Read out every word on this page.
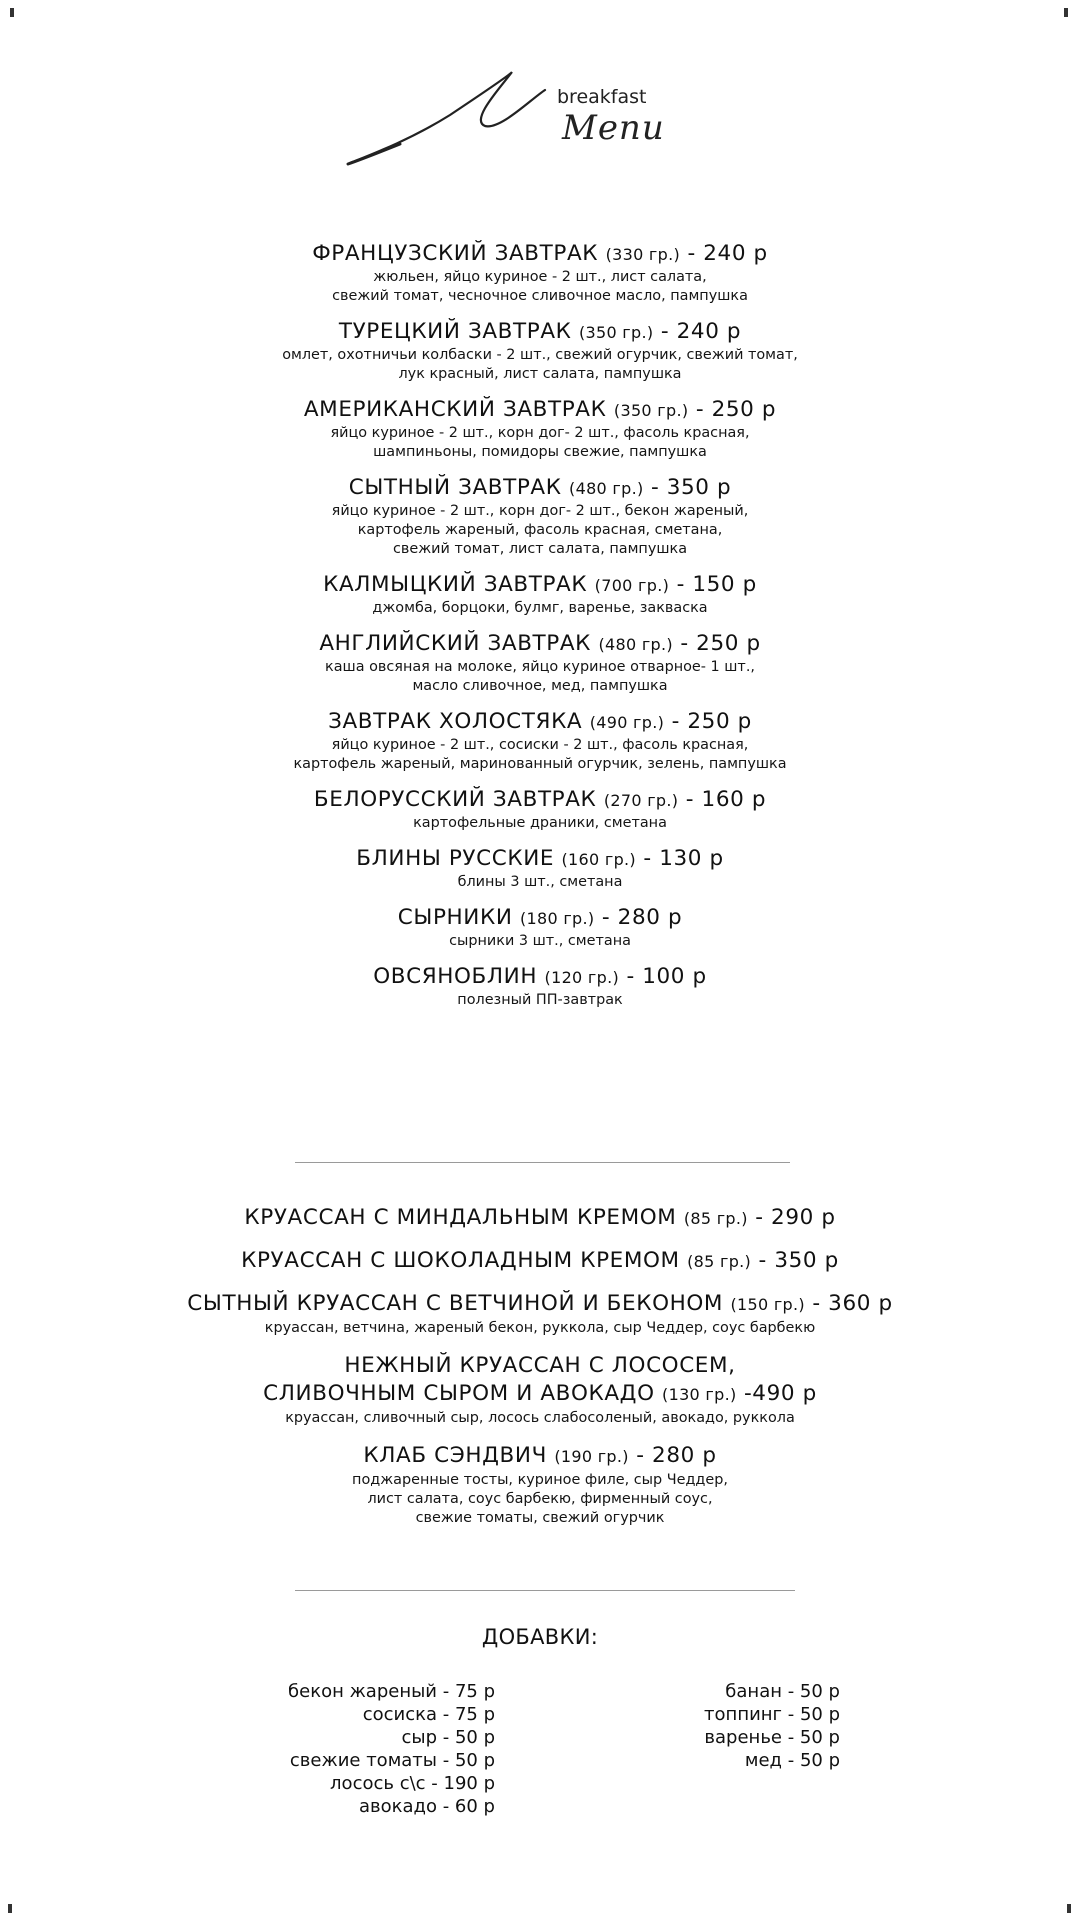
breakfast
Menu
ФРАНЦУЗСКИЙ ЗАВТРАК (330 гр.) - 240 р
жюльен, яйцо куриное - 2 шт., лист салата,
свежий томат, чесночное сливочное масло, пампушка
ТУРЕЦКИЙ ЗАВТРАК (350 гр.) - 240 р
омлет, охотничьи колбаски - 2 шт., свежий огурчик, свежий томат,
лук красный, лист салата, пампушка
АМЕРИКАНСКИЙ ЗАВТРАК (350 гр.) - 250 р
яйцо куриное - 2 шт., корн дог- 2 шт., фасоль красная,
шампиньоны, помидоры свежие, пампушка
СЫТНЫЙ ЗАВТРАК (480 гр.) - 350 р
яйцо куриное - 2 шт., корн дог- 2 шт., бекон жареный,
картофель жареный, фасоль красная, сметана,
свежий томат, лист салата, пампушка
КАЛМЫЦКИЙ ЗАВТРАК (700 гр.) - 150 р
джомба, борцоки, булмг, варенье, закваска
АНГЛИЙСКИЙ ЗАВТРАК (480 гр.) - 250 р
каша овсяная на молоке, яйцо куриное отварное- 1 шт.,
масло сливочное, мед, пампушка
ЗАВТРАК ХОЛОСТЯКА (490 гр.) - 250 р
яйцо куриное - 2 шт., сосиски - 2 шт., фасоль красная,
картофель жареный, маринованный огурчик, зелень, пампушка
БЕЛОРУССКИЙ ЗАВТРАК (270 гр.) - 160 р
картофельные драники, сметана
БЛИНЫ РУССКИЕ (160 гр.) - 130 р
блины 3 шт., сметана
СЫРНИКИ (180 гр.) - 280 р
сырники 3 шт., сметана
ОВСЯНОБЛИН (120 гр.) - 100 р
полезный ПП-завтрак
КРУАССАН С МИНДАЛЬНЫМ КРЕМОМ (85 гр.) - 290 р
КРУАССАН С ШОКОЛАДНЫМ КРЕМОМ (85 гр.) - 350 р
СЫТНЫЙ КРУАССАН С ВЕТЧИНОЙ И БЕКОНОМ (150 гр.) - 360 р
круассан, ветчина, жареный бекон, руккола, сыр Чеддер, соус барбекю
НЕЖНЫЙ КРУАССАН С ЛОСОСЕМ,
СЛИВОЧНЫМ СЫРОМ И АВОКАДО (130 гр.) -490 р
круассан, сливочный сыр, лосось слабосоленый, авокадо, руккола
КЛАБ СЭНДВИЧ (190 гр.) - 280 р
поджаренные тосты, куриное филе, сыр Чеддер,
лист салата, соус барбекю, фирменный соус,
свежие томаты, свежий огурчик
ДОБАВКИ:
бекон жареный - 75 р
сосиска - 75 р
сыр - 50 р
свежие томаты - 50 р
лосось с\с - 190 р
авокадо - 60 р
банан - 50 р
топпинг - 50 р
варенье - 50 р
мед - 50 р
